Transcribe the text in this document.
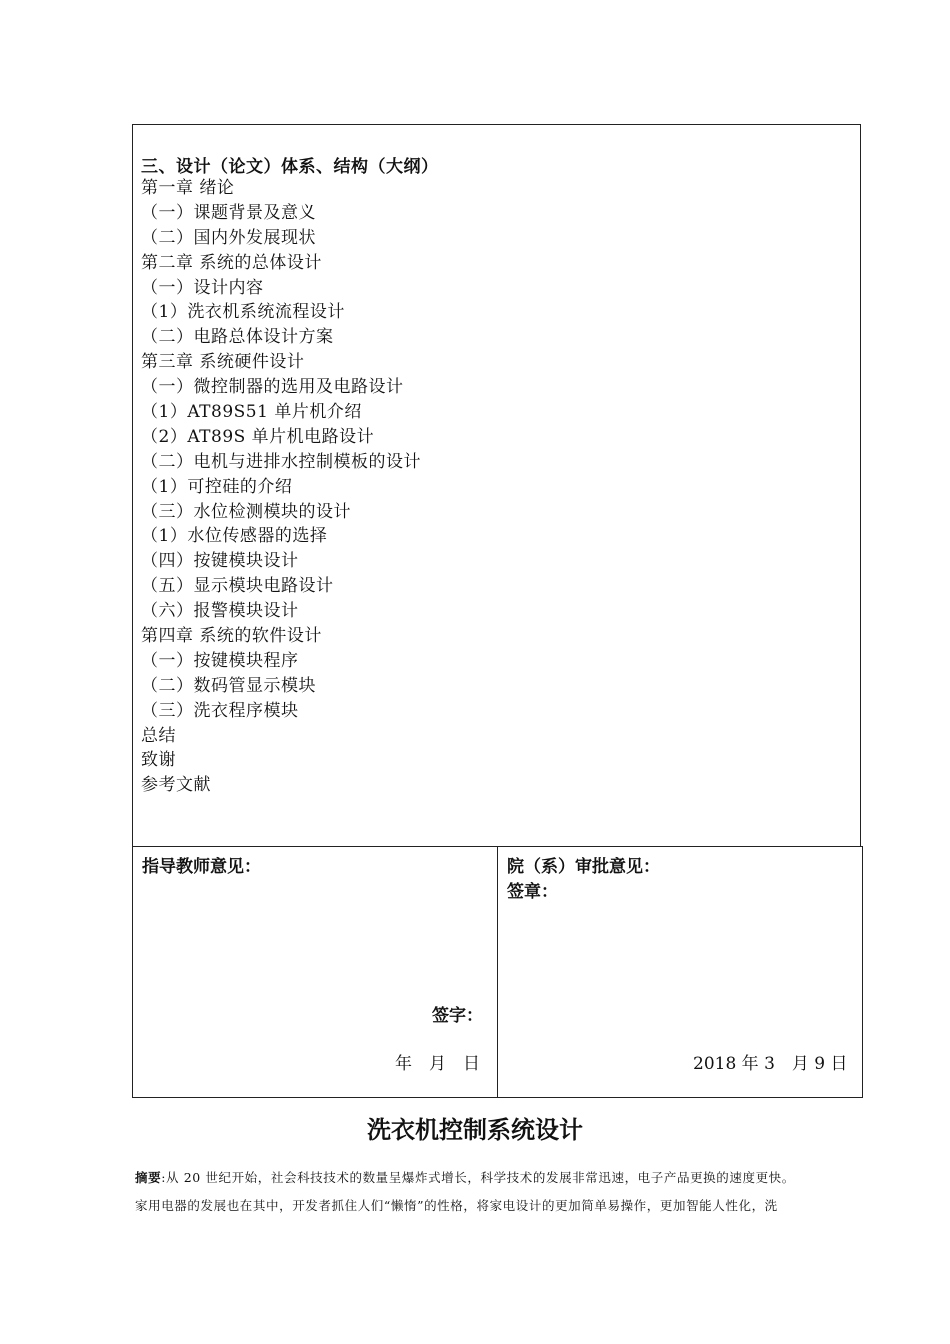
三、设计（论文）体系、结构（大纲）
第一章 绪论
（一）课题背景及意义
（二）国内外发展现状
第二章 系统的总体设计
（一）设计内容
（1）洗衣机系统流程设计
（二）电路总体设计方案
第三章 系统硬件设计
（一）微控制器的选用及电路设计
（1）AT89S51 单片机介绍
（2）AT89S 单片机电路设计
（二）电机与进排水控制模板的设计
（1）可控硅的介绍
（三）水位检测模块的设计
（1）水位传感器的选择
（四）按键模块设计
（五）显示模块电路设计
（六）报警模块设计
第四章 系统的软件设计
（一）按键模块程序
（二）数码管显示模块
（三）洗衣程序模块
总结
致谢
参考文献
指导教师意见：
签字：
年　月　日
院（系）审批意见：
签章：
2018 年 3　月 9 日
洗衣机控制系统设计

摘要:从 20 世纪开始，社会科技技术的数量呈爆炸式增长，科学技术的发展非常迅速，电子产品更换的速度更快。

家用电器的发展也在其中，开发者抓住人们“懒惰”的性格，将家电设计的更加简单易操作，更加智能人性化，洗
